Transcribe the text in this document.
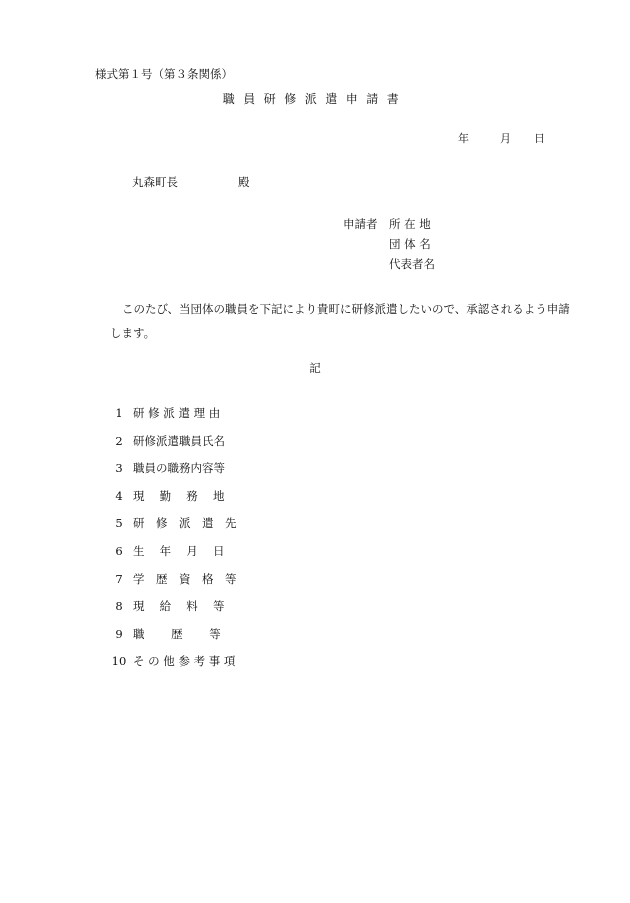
様式第１号（第３条関係）
職員研修派遣申請書
年	月 日
丸森町長	殿
申請者 所 在 地
団 体 名
代表者名
このたび、当団体の職員を下記により貴町に研修派遣したいので、承認されるよう申請します。
記
1 研 修 派 遣 理 由
2 研修派遣職員氏名
3 職員の職務内容等
4 現　 勤　 務　 地
5 研　修　派　遣　先
6 生　 年　 月　 日
7 学　歴　資　格　等
8 現　 給　 料　 等
9 職　　 歴　　 等
10 そ の 他 参 考 事 項
